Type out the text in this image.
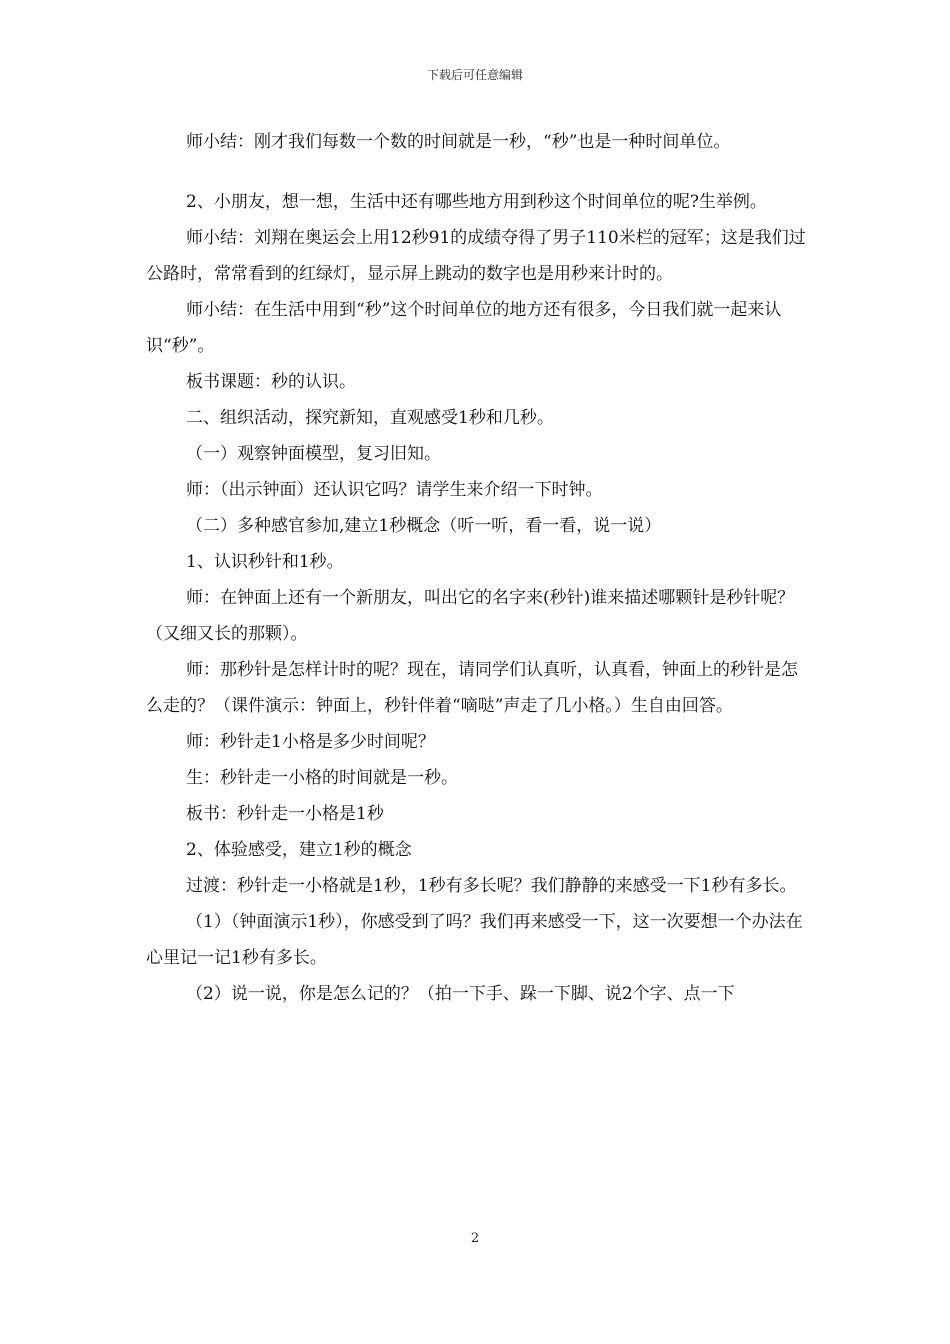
下载后可任意编辑

师小结：刚才我们每数一个数的时间就是一秒，“秒”也是一种时间单位。

2、小朋友，想一想，生活中还有哪些地方用到秒这个时间单位的呢?生举例。

师小结：刘翔在奥运会上用12秒91的成绩夺得了男子110米栏的冠军；这是我们过公路时，常常看到的红绿灯，显示屏上跳动的数字也是用秒来计时的。

师小结：在生活中用到“秒”这个时间单位的地方还有很多，今日我们就一起来认识“秒”。

板书课题：秒的认识。

二、组织活动，探究新知，直观感受1秒和几秒。

（一）观察钟面模型，复习旧知。

师：（出示钟面）还认识它吗？请学生来介绍一下时钟。

（二）多种感官参加,建立1秒概念（听一听，看一看，说一说）

1、认识秒针和1秒。

师：在钟面上还有一个新朋友，叫出它的名字来(秒针)谁来描述哪颗针是秒针呢？（又细又长的那颗）。

师：那秒针是怎样计时的呢？现在，请同学们认真听，认真看，钟面上的秒针是怎么走的？（课件演示：钟面上，秒针伴着“嘀哒”声走了几小格。）生自由回答。

师：秒针走1小格是多少时间呢？

生：秒针走一小格的时间就是一秒。

板书：秒针走一小格是1秒

2、体验感受，建立1秒的概念

过渡：秒针走一小格就是1秒，1秒有多长呢？我们静静的来感受一下1秒有多长。

（1）（钟面演示1秒），你感受到了吗？我们再来感受一下，这一次要想一个办法在心里记一记1秒有多长。

（2）说一说，你是怎么记的？（拍一下手、跺一下脚、说2个字、点一下

2
